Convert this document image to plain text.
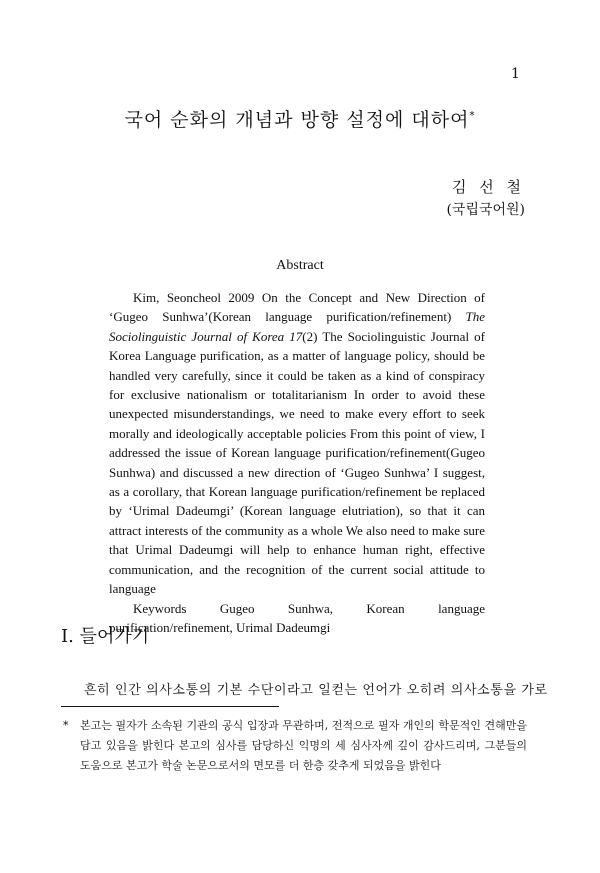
1
국어 순화의 개념과 방향 설정에 대하여*
김 선 철
(국립국어원)
Abstract

Kim, Seoncheol 2009 On the Concept and New Direction of ‘Gugeo Sunhwa’(Korean language purification/refinement) The Sociolinguistic Journal of Korea 17(2) The Sociolinguistic Journal of Korea Language purification, as a matter of language policy, should be handled very carefully, since it could be taken as a kind of conspiracy for exclusive nationalism or totalitarianism In order to avoid these unexpected misunderstandings, we need to make every effort to seek morally and ideologically acceptable policies From this point of view, I addressed the issue of Korean language purification/refinement(Gugeo Sunhwa) and discussed a new direction of ‘Gugeo Sunhwa’ I suggest, as a corollary, that Korean language purification/refinement be replaced by ‘Urimal Dadeumgi’ (Korean language elutriation), so that it can attract interests of the community as a whole We also need to make sure that Urimal Dadeumgi will help to enhance human right, effective communication, and the recognition of the current social attitude to language

Keywords Gugeo Sunhwa, Korean language purification/refinement, Urimal Dadeumgi

I. 들어가기
흔히 인간 의사소통의 기본 수단이라고 일컫는 언어가 오히려 의사소통을 가로
*	본고는 필자가 소속된 기관의 공식 입장과 무관하며, 전적으로 필자 개인의 학문적인 견해만을 담고 있음을 밝힌다 본고의 심사를 담당하신 익명의 세 심사자께 깊이 감사드리며, 그분들의 도움으로 본고가 학술 논문으로서의 면모를 더 한층 갖추게 되었음을 밝힌다
